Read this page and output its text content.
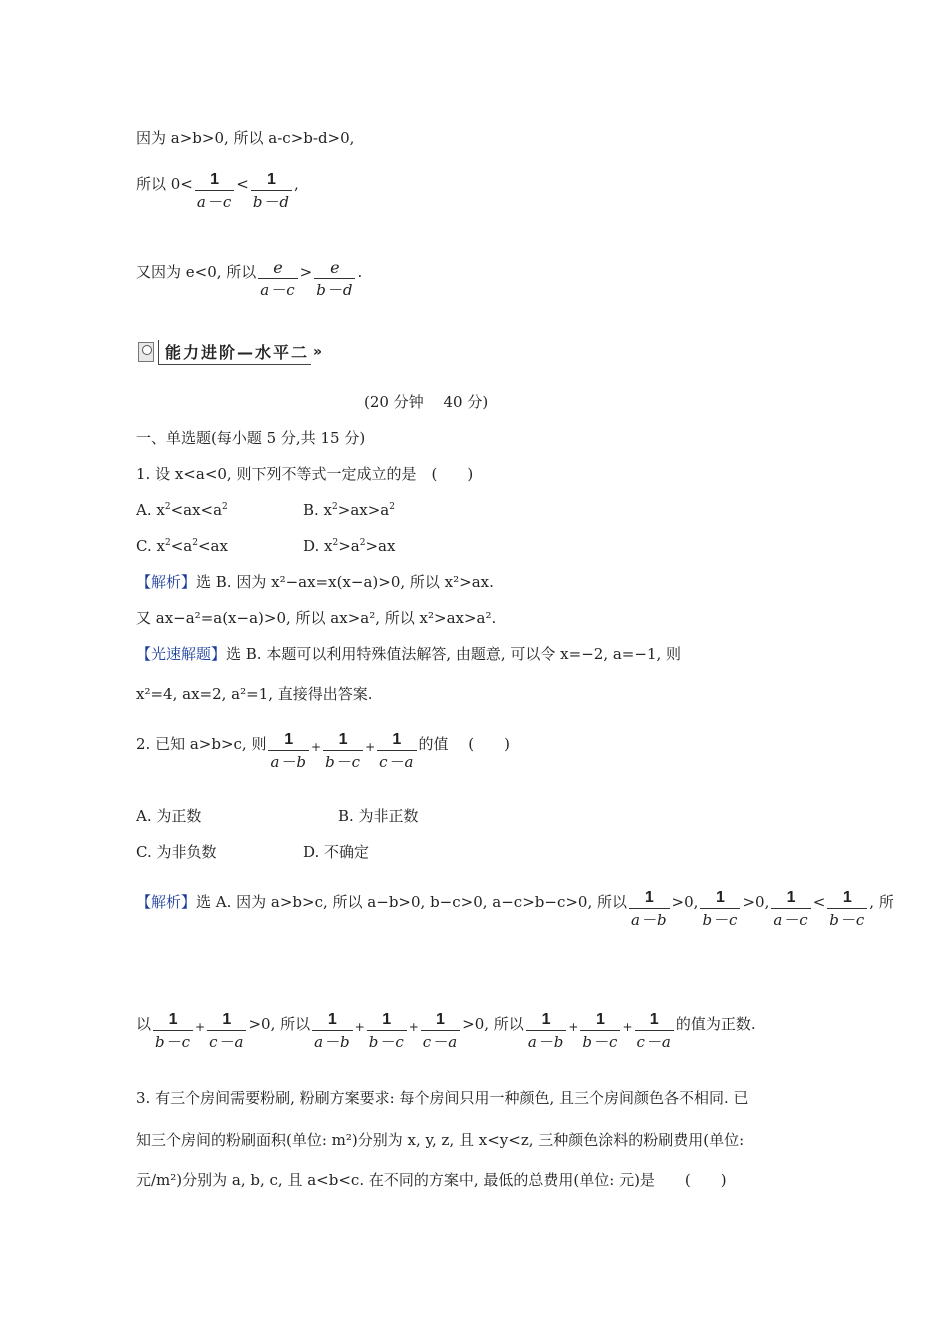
因为 a>b>0, 所以 a-c>b-d>0,
所以 $0< \frac{1}{a-c} < \frac{1}{b-d}$ ,
又因为 e<0, 所以 $\frac{e}{a-c} > \frac{e}{b-d}$ .
能力进阶—水平二 »
(20 分钟　 40 分)
一、单选题(每小题 5 分,共 15 分)
1. 设 x<a<0, 则下列不等式一定成立的是　(　　)
A. $x^2<ax<a^2$	B. $x^2>ax>a^2$
C. $x^2<a^2<ax$	D. $x^2>a^2>ax$
【解析】选 B. 因为 x²−ax=x(x−a)>0, 所以 x²>ax.
又 ax−a²=a(x−a)>0, 所以 ax>a², 所以 x²>ax>a².
【光速解题】选 B. 本题可以利用特殊值法解答, 由题意, 可以令 x=−2, a=−1, 则
x²=4, ax=2, a²=1, 直接得出答案.
2. 已知 a>b>c, 则 $\frac{1}{a-b} + \frac{1}{b-c} + \frac{1}{c-a}$ 的值　 (　　)
A. 为正数	B. 为非正数
C. 为非负数	D. 不确定
【解析】选 A. 因为 a>b>c, 所以 a−b>0, b−c>0, a−c>b−c>0, 所以 $\frac{1}{a-b} >0$, $\frac{1}{b-c} >0$, $\frac{1}{a-c} < \frac{1}{b-c}$ , 所
以 $\frac{1}{b-c} + \frac{1}{c-a} >0$, 所以 $\frac{1}{a-b} + \frac{1}{b-c} + \frac{1}{c-a} >0$, 所以 $\frac{1}{a-b} + \frac{1}{b-c} + \frac{1}{c-a}$ 的值为正数.
3. 有三个房间需要粉刷, 粉刷方案要求: 每个房间只用一种颜色, 且三个房间颜色各不相同. 已
知三个房间的粉刷面积(单位: m²)分别为 x, y, z, 且 x<y<z, 三种颜色涂料的粉刷费用(单位:
元/m²)分别为 a, b, c, 且 a<b<c. 在不同的方案中, 最低的总费用(单位: 元)是　　(　　)
